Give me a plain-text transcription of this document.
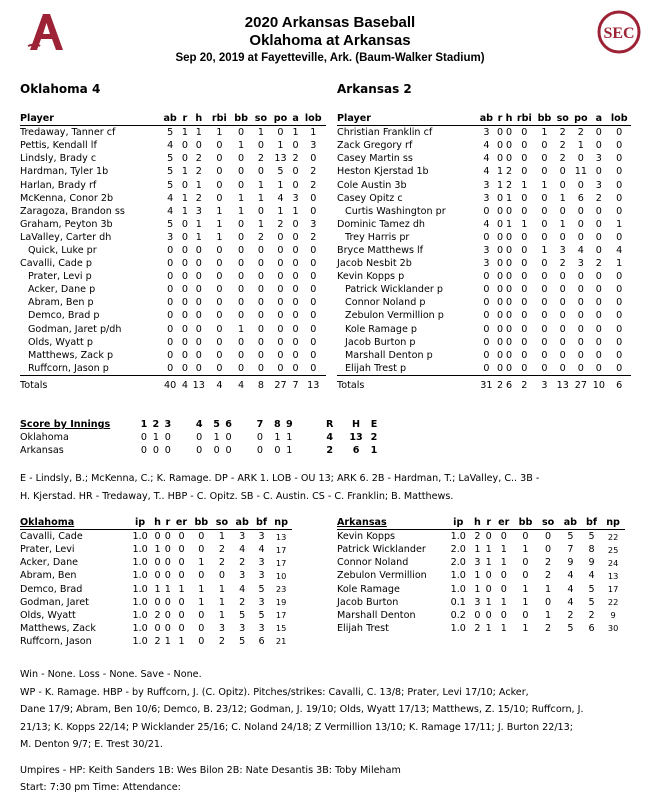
SEC
2020 Arkansas Baseball
Oklahoma at Arkansas
Sep 20, 2019 at Fayetteville, Ark. (Baum-Walker Stadium)
Oklahoma 4	Arkansas 2
Player	ab	r	h	rbi	bb	so	po	a	lob
Tredaway, Tanner cf	5	1	1	1	0	1	0	1	1
Pettis, Kendall lf	4	0	0	0	1	0	1	0	3
Lindsly, Brady c	5	0	2	0	0	2	13	2	0
Hardman, Tyler 1b	5	1	2	0	0	0	5	0	2
Harlan, Brady rf	5	0	1	0	0	1	1	0	2
McKenna, Conor 2b	4	1	2	0	1	1	4	3	0
Zaragoza, Brandon ss	4	1	3	1	1	0	1	1	0
Graham, Peyton 3b	5	0	1	1	0	1	2	0	3
LaValley, Carter dh	3	0	1	1	0	2	0	0	2
Quick, Luke pr	0	0	0	0	0	0	0	0	0
Cavalli, Cade p	0	0	0	0	0	0	0	0	0
Prater, Levi p	0	0	0	0	0	0	0	0	0
Acker, Dane p	0	0	0	0	0	0	0	0	0
Abram, Ben p	0	0	0	0	0	0	0	0	0
Demco, Brad p	0	0	0	0	0	0	0	0	0
Godman, Jaret p/dh	0	0	0	0	1	0	0	0	0
Olds, Wyatt p	0	0	0	0	0	0	0	0	0
Matthews, Zack p	0	0	0	0	0	0	0	0	0
Ruffcorn, Jason p	0	0	0	0	0	0	0	0	0
Totals	40	4	13	4	4	8	27	7	13
Player	ab	r	h	rbi	bb	so	po	a	lob
Christian Franklin cf	3	0	0	0	1	2	2	0	0
Zack Gregory rf	4	0	0	0	0	2	1	0	0
Casey Martin ss	4	0	0	0	0	2	0	3	0
Heston Kjerstad 1b	4	1	2	0	0	0	11	0	0
Cole Austin 3b	3	1	2	1	1	0	0	3	0
Casey Opitz c	3	0	1	0	0	1	6	2	0
Curtis Washington pr	0	0	0	0	0	0	0	0	0
Dominic Tamez dh	4	0	1	1	0	1	0	0	1
Trey Harris pr	0	0	0	0	0	0	0	0	0
Bryce Matthews lf	3	0	0	0	1	3	4	0	4
Jacob Nesbit 2b	3	0	0	0	0	2	3	2	1
Kevin Kopps p	0	0	0	0	0	0	0	0	0
Patrick Wicklander p	0	0	0	0	0	0	0	0	0
Connor Noland p	0	0	0	0	0	0	0	0	0
Zebulon Vermillion p	0	0	0	0	0	0	0	0	0
Kole Ramage p	0	0	0	0	0	0	0	0	0
Jacob Burton p	0	0	0	0	0	0	0	0	0
Marshall Denton p	0	0	0	0	0	0	0	0	0
Elijah Trest p	0	0	0	0	0	0	0	0	0
Totals	31	2	6	2	3	13	27	10	6
Score by Innings	1	2	3	4	5	6	7	8	9	R	H	E
Oklahoma	0	1	0	0	1	0	0	1	1	4	13	2
Arkansas	0	0	0	0	0	0	0	0	1	2	6	1
E - Lindsly, B.; McKenna, C.; K. Ramage. DP - ARK 1. LOB - OU 13; ARK 6. 2B - Hardman, T.; LaValley, C.. 3B -
H. Kjerstad. HR - Tredaway, T.. HBP - C. Opitz. SB - C. Austin. CS - C. Franklin; B. Matthews.
Oklahoma	ip	h	r	er	bb	so	ab	bf	np
Cavalli, Cade	1.0	0	0	0	0	1	3	3	13
Prater, Levi	1.0	1	0	0	0	2	4	4	17
Acker, Dane	1.0	0	0	0	1	2	2	3	17
Abram, Ben	1.0	0	0	0	0	0	3	3	10
Demco, Brad	1.0	1	1	1	1	1	4	5	23
Godman, Jaret	1.0	0	0	0	1	1	2	3	19
Olds, Wyatt	1.0	2	0	0	0	1	5	5	17
Matthews, Zack	1.0	0	0	0	0	3	3	3	15
Ruffcorn, Jason	1.0	2	1	1	0	2	5	6	21
Arkansas	ip	h	r	er	bb	so	ab	bf	np
Kevin Kopps	1.0	2	0	0	0	0	5	5	22
Patrick Wicklander	2.0	1	1	1	1	0	7	8	25
Connor Noland	2.0	3	1	1	0	2	9	9	24
Zebulon Vermillion	1.0	1	0	0	0	2	4	4	13
Kole Ramage	1.0	1	0	0	1	1	4	5	17
Jacob Burton	0.1	3	1	1	1	0	4	5	22
Marshall Denton	0.2	0	0	0	0	1	2	2	9
Elijah Trest	1.0	2	1	1	1	2	5	6	30
Win - None. Loss - None. Save - None.
WP - K. Ramage. HBP - by Ruffcorn, J. (C. Opitz). Pitches/strikes: Cavalli, C. 13/8; Prater, Levi 17/10; Acker,
Dane 17/9; Abram, Ben 10/6; Demco, B. 23/12; Godman, J. 19/10; Olds, Wyatt 17/13; Matthews, Z. 15/10; Ruffcorn, J.
21/13; K. Kopps 22/14; P Wicklander 25/16; C. Noland 24/18; Z Vermillion 13/10; K. Ramage 17/11; J. Burton 22/13;
M. Denton 9/7; E. Trest 30/21.
Umpires - HP: Keith Sanders 1B: Wes Bilon 2B: Nate Desantis 3B: Toby Mileham
Start: 7:30 pm Time: Attendance:
